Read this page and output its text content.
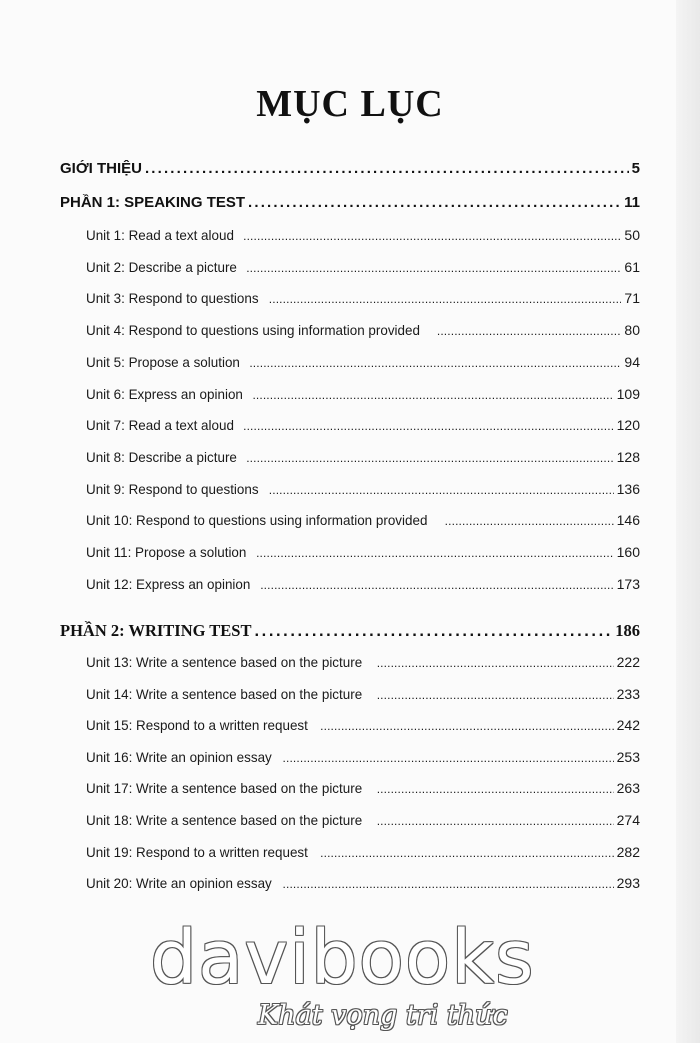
MỤC LỤC
GIỚI THIỆU . . .	5
PHẦN 1: SPEAKING TEST . . .	11
Unit 1: Read a text aloud . . .	50
Unit 2: Describe a picture . . .	61
Unit 3: Respond to questions . . .	71
Unit 4: Respond to questions using information provided . . .	80
Unit 5: Propose a solution . . .	94
Unit 6: Express an opinion . . .	109
Unit 7: Read a text aloud . . .	120
Unit 8: Describe a picture . . .	128
Unit 9: Respond to questions . . .	136
Unit 10: Respond to questions using information provided . . .	146
Unit 11: Propose a solution . . .	160
Unit 12: Express an opinion . . .	173
PHẦN 2: WRITING TEST . . .	186
Unit 13: Write a sentence based on the picture . . .	222
Unit 14: Write a sentence based on the picture . . .	233
Unit 15: Respond to a written request . . .	242
Unit 16: Write an opinion essay . . .	253
Unit 17: Write a sentence based on the picture . . .	263
Unit 18: Write a sentence based on the picture . . .	274
Unit 19: Respond to a written request . . .	282
Unit 20: Write an opinion essay . . .	293
davibooks
Khát vọng tri thức
